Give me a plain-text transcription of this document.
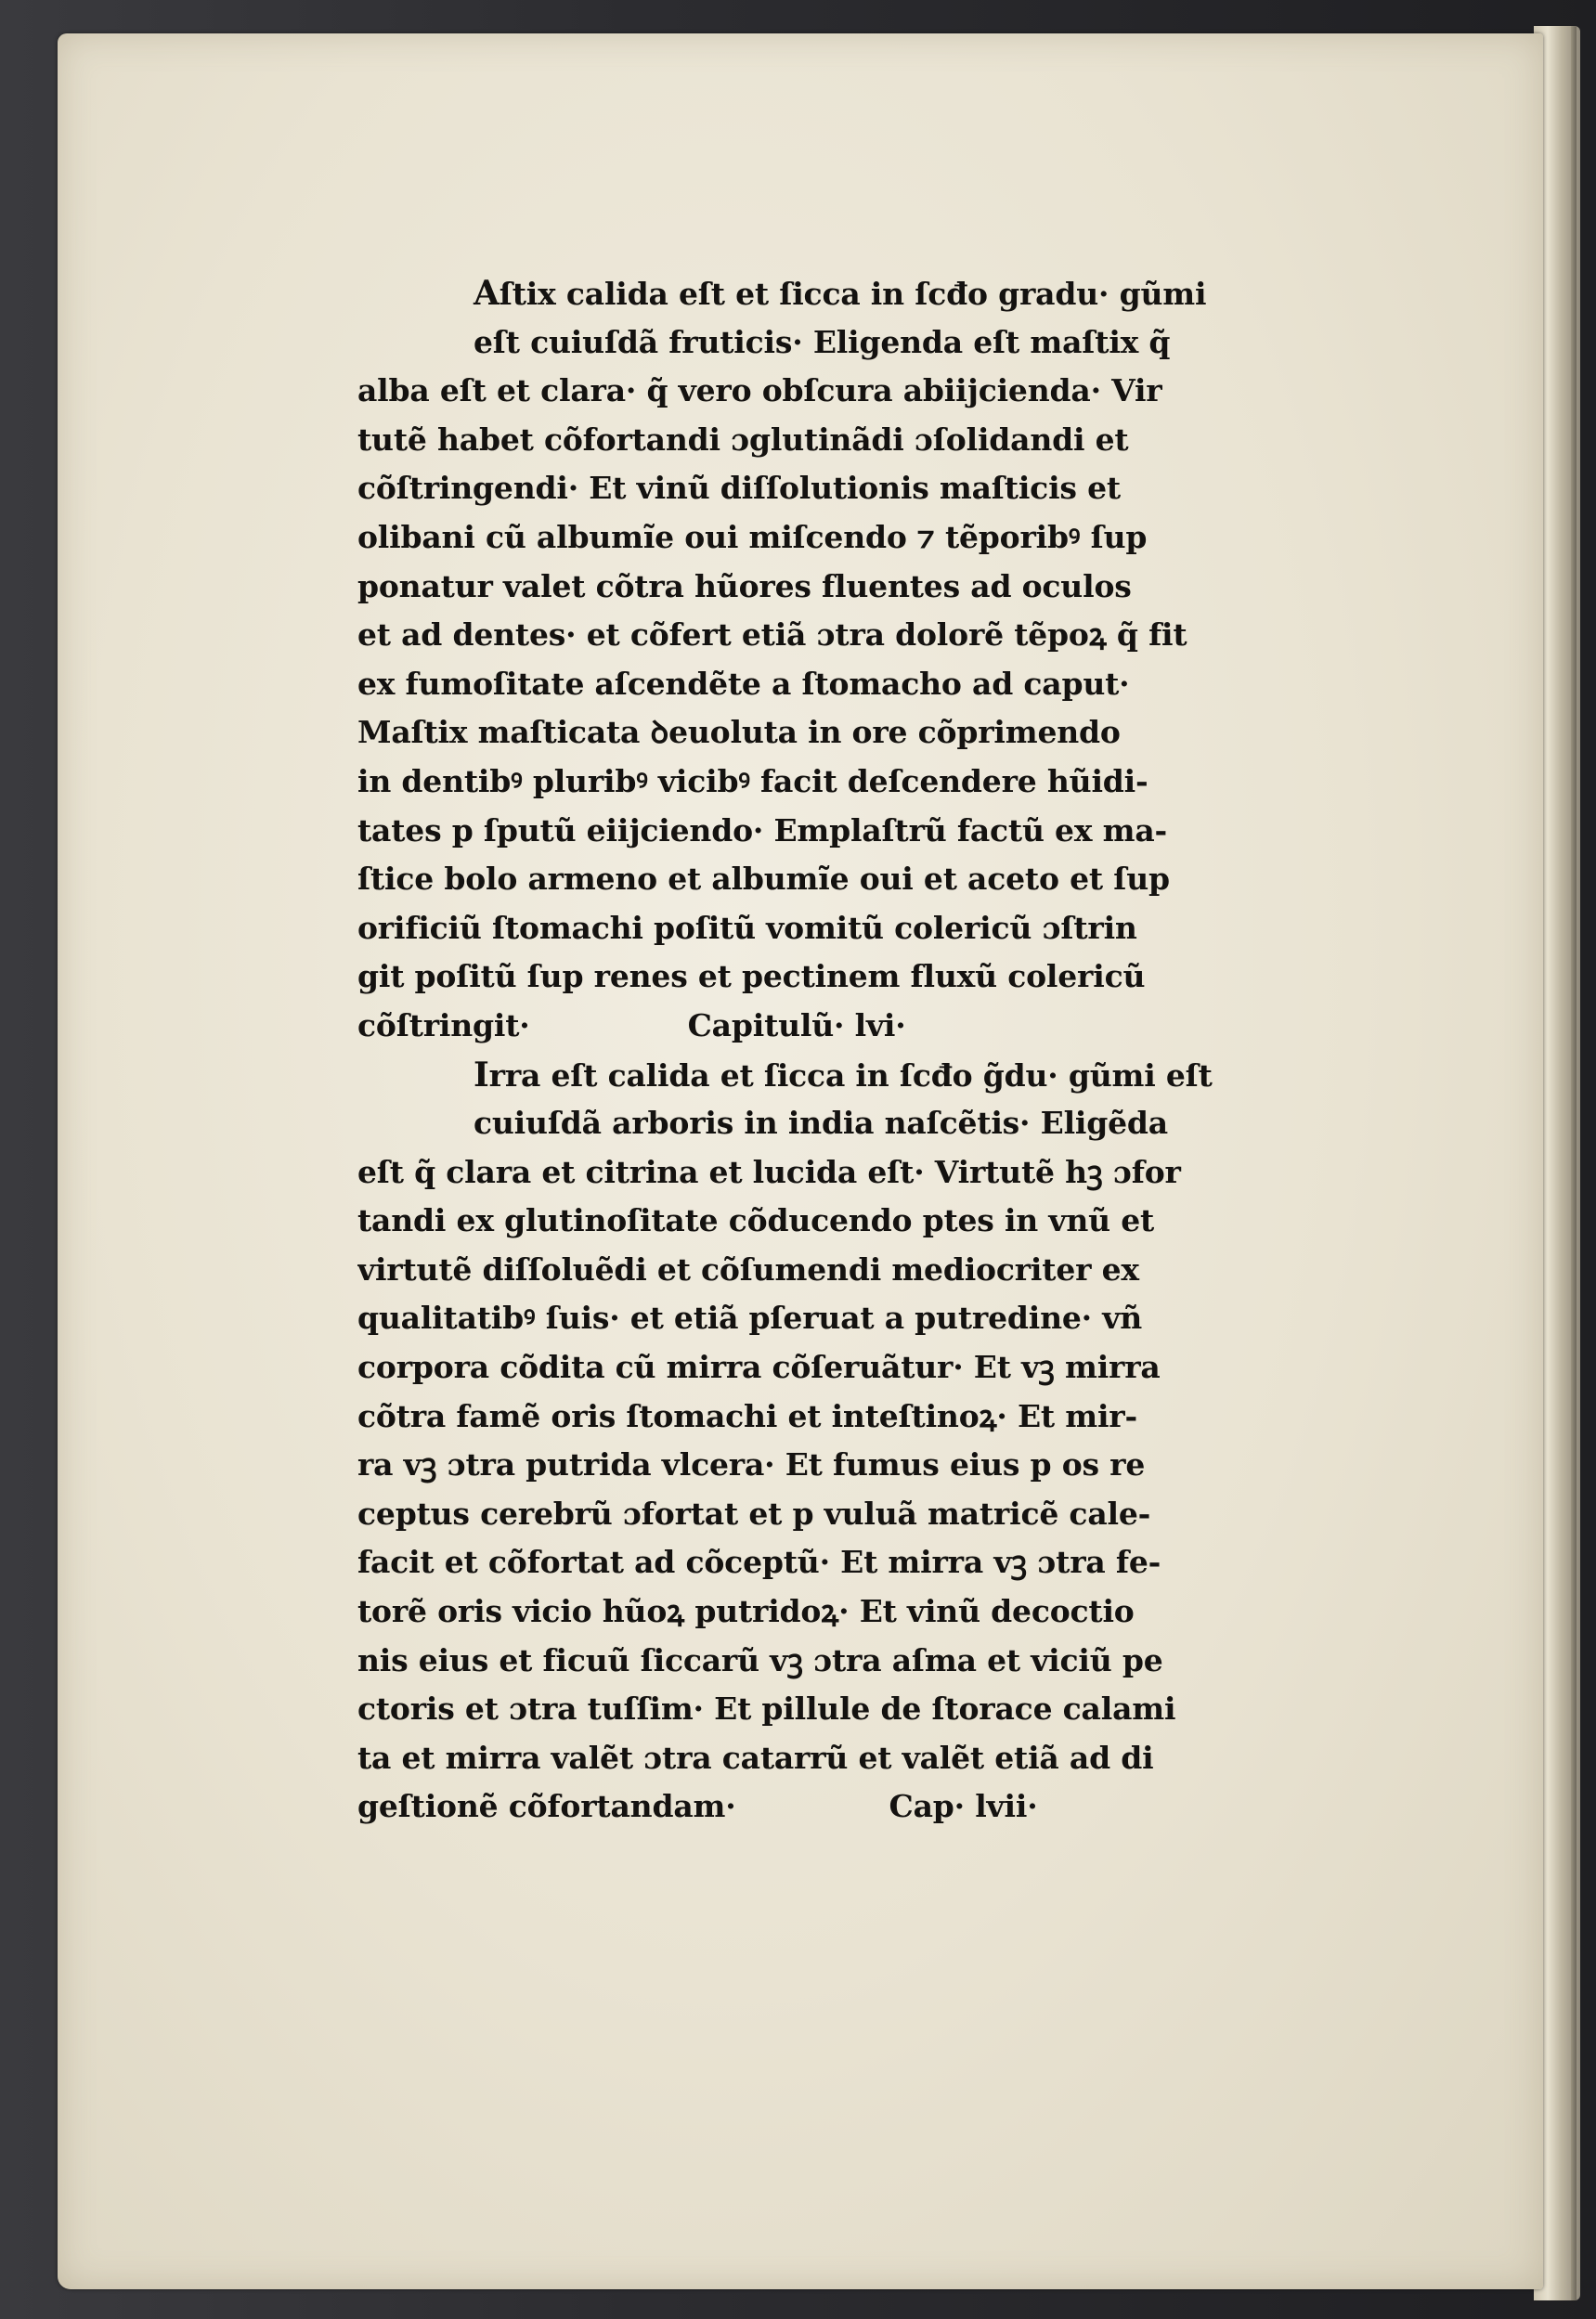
Aſtix calida eſt et ſicca in ſcđo gradu· gũmi
eſt cuiuſdã fruticis· Eligenda eſt maſtix q̃
alba eſt et clara· q̃ vero obſcura abiĳcienda· Vir
tutẽ habet cõfortandi ɔglutinãdi ɔſolidandi et
cõſtringendi· Et vinũ diſſolutionis maſticis et
olibani cũ albumĩe oui miſcendo ⁊ tẽporibꝰ ſup
ponatur valet cõtra hũores fluentes ad oculos
et ad dentes· et cõfert etiã ɔtra dolorẽ tẽpoꝝ q̃ fit
ex fumoſitate aſcendẽte a ſtomacho ad caput·
Maſtix maſticata ꝺeuoluta in ore cõprimendo
in dentibꝰ pluribꝰ vicibꝰ facit deſcendere hũidi-
tates p ſputũ eiĳciendo· Emplaſtrũ factũ ex ma-
ſtice bolo armeno et albumĩe oui et aceto et ſup
orificiũ ſtomachi poſitũ vomitũ colericũ ɔſtrin
git poſitũ ſup renes et pectinem fluxũ colericũ
cõſtringit·	Capitulũ· lvi·
Irra eſt calida et ſicca in ſcđo g̃du· gũmi eſt
cuiuſdã arboris in india naſcẽtis· Eligẽda
eſt q̃ clara et citrina et lucida eſt· Virtutẽ hꝫ ɔfor
tandi ex glutinoſitate cõducendo ptes in vnũ et
virtutẽ diſſoluẽdi et cõſumendi mediocriter ex
qualitatibꝰ ſuis· et etiã pſeruat a putredine· vñ
corpora cõdita cũ mirra cõſeruãtur· Et vꝫ mirra
cõtra famẽ oris ſtomachi et inteſtinoꝝ· Et mir-
ra vꝫ ɔtra putrida vlcera· Et fumus eius p os re
ceptus cerebrũ ɔfortat et p vuluã matricẽ cale-
facit et cõfortat ad cõceptũ· Et mirra vꝫ ɔtra fe-
torẽ oris vicio hũoꝝ putridoꝝ· Et vinũ decoctio
nis eius et ficuũ ſiccarũ vꝫ ɔtra aſma et viciũ pe
ctoris et ɔtra tuſſim· Et pillule de ſtorace calami
ta et mirra valẽt ɔtra catarrũ et valẽt etiã ad di
geſtionẽ cõfortandam·	Cap· lvii·
